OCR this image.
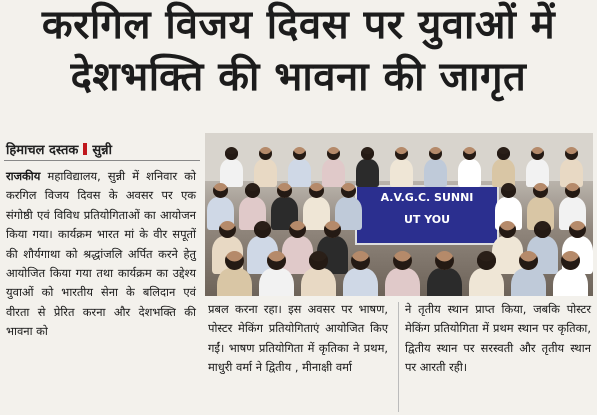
करगिल विजय दिवस पर युवाओं में
देशभक्ति की भावना की जागृत
हिमाचल दस्तक सुन्नी

राजकीय महाविद्यालय, सुन्नी में शनिवार को करगिल विजय दिवस के अवसर पर एक संगोष्ठी एवं विविध प्रतियोगिताओं का आयोजन किया गया। कार्यक्रम भारत मां के वीर सपूतों की शौर्यगाथा को श्रद्धांजलि अर्पित करने हेतु आयोजित किया गया तथा कार्यक्रम का उद्देश्य युवाओं को भारतीय सेना के बलिदान एवं वीरता से प्रेरित करना और देशभक्ति की भावना को

A.V.G.C. SUNNI
UT YOU

प्रबल करना रहा। इस अवसर पर भाषण, पोस्टर मेकिंग प्रतियोगिताएं आयोजित किए गईं। भाषण प्रतियोगिता में कृतिका ने प्रथम, माधुरी वर्मा ने द्वितीय , मीनाक्षी वर्मा

ने तृतीय स्थान प्राप्त किया, जबकि पोस्टर मेकिंग प्रतियोगिता में प्रथम स्थान पर कृतिका, द्वितीय स्थान पर सरस्वती और तृतीय स्थान पर आरती रही।
